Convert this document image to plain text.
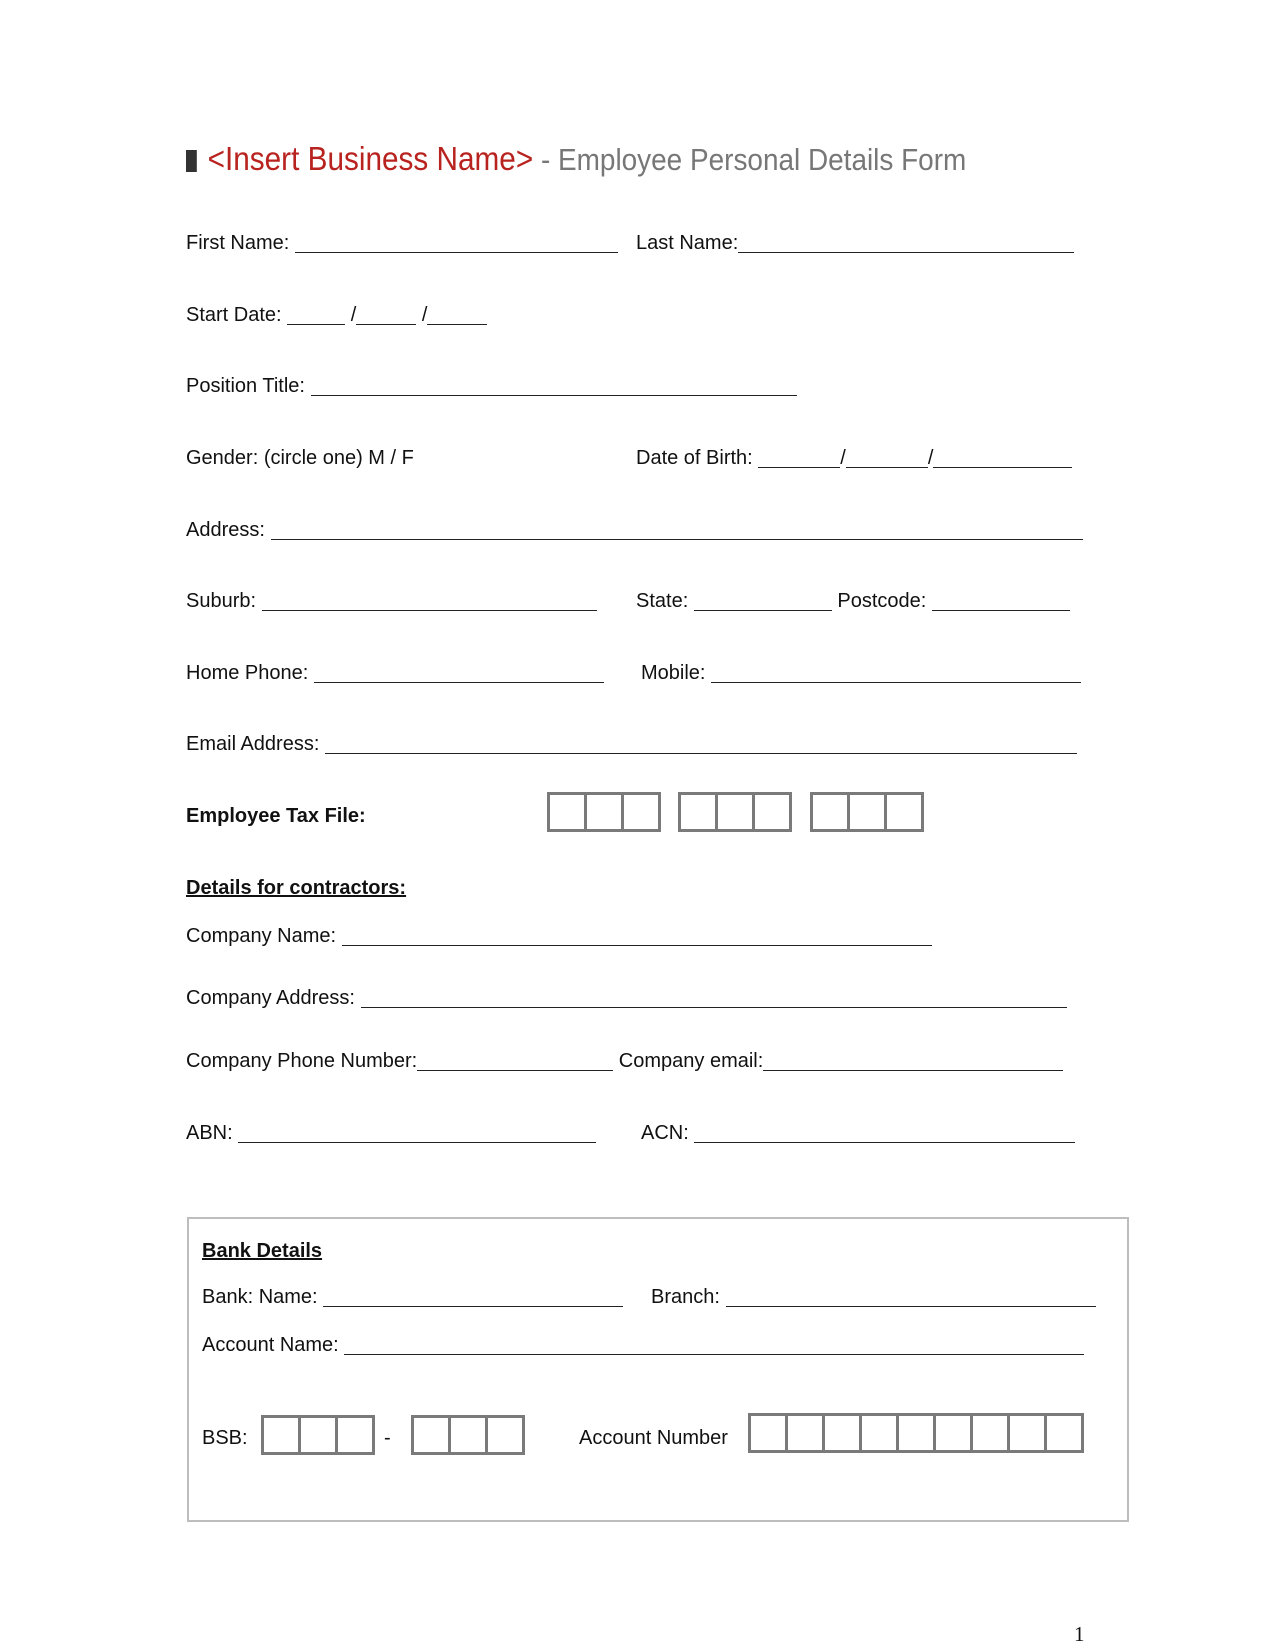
<Insert Business Name> - Employee Personal Details Form
First Name:	Last Name:
Start Date:	/	/
Position Title:
Gender: (circle one) M / F	Date of Birth:	/	/
Address:
Suburb:	State:	Postcode:
Home Phone:	Mobile:
Email Address:
Employee Tax File:
Details for contractors:
Company Name:
Company Address:
Company Phone Number:	Company email:
ABN:	ACN:
Bank Details
Bank: Name:	Branch:
Account Name:
BSB:	-	Account Number
1
